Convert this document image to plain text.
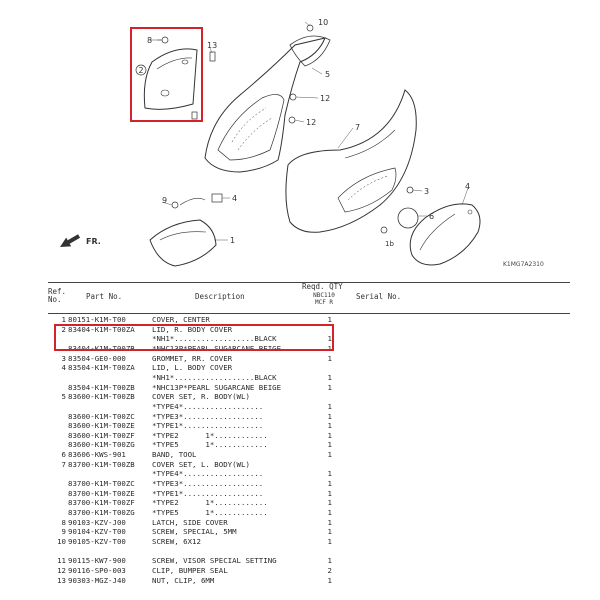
FR.
8
13
2
10
5
12
12
7
3
6
4
9	4
1	1b
K1MG7A2310
Ref. No.	Part No.	Description
Reqd. QTY
NBC110 MCF R
Serial No.
1 80151-K1M-T00	COVER, CENTER	1
2 83404-K1M-T00ZA LID, R. BODY COVER
*NH1*..................BLACK	1
83404-K1M-T00ZB *NHC13P*PEARL SUGARCANE BEIGE	1
3 83504-GE0-000	GROMMET, RR. COVER	1
4 83504-K1M-T00ZA LID, L. BODY COVER
*NH1*..................BLACK	1
83504-K1M-T00ZB *NHC13P*PEARL SUGARCANE BEIGE	1
5 83600-K1M-T00ZB COVER SET, R. BODY(WL)
*TYPE4*..................	1
83600-K1M-T00ZC *TYPE3*..................	1
83600-K1M-T00ZE *TYPE1*..................	1
83600-K1M-T00ZF *TYPE2      1*............	1
83600-K1M-T00ZG *TYPE5      1*............	1
6 83606-KWS-901	BAND, TOOL	1
7 83700-K1M-T00ZB COVER SET, L. BODY(WL)
*TYPE4*..................	1
83700-K1M-T00ZC *TYPE3*..................	1
83700-K1M-T00ZE *TYPE1*..................	1
83700-K1M-T00ZF *TYPE2      1*............	1
83700-K1M-T00ZG *TYPE5      1*............	1
8 90103-KZV-J00	LATCH, SIDE COVER	1
9 90104-KZV-T00	SCREW, SPECIAL, 5MM	1
10 90105-KZV-T00	SCREW, 6X12	1
11 90115-KW7-900	SCREW, VISOR SPECIAL SETTING	1
12 90116-SP0-003	CLIP, BUMPER SEAL	2
13 90303-MGZ-J40	NUT, CLIP, 6MM	1
